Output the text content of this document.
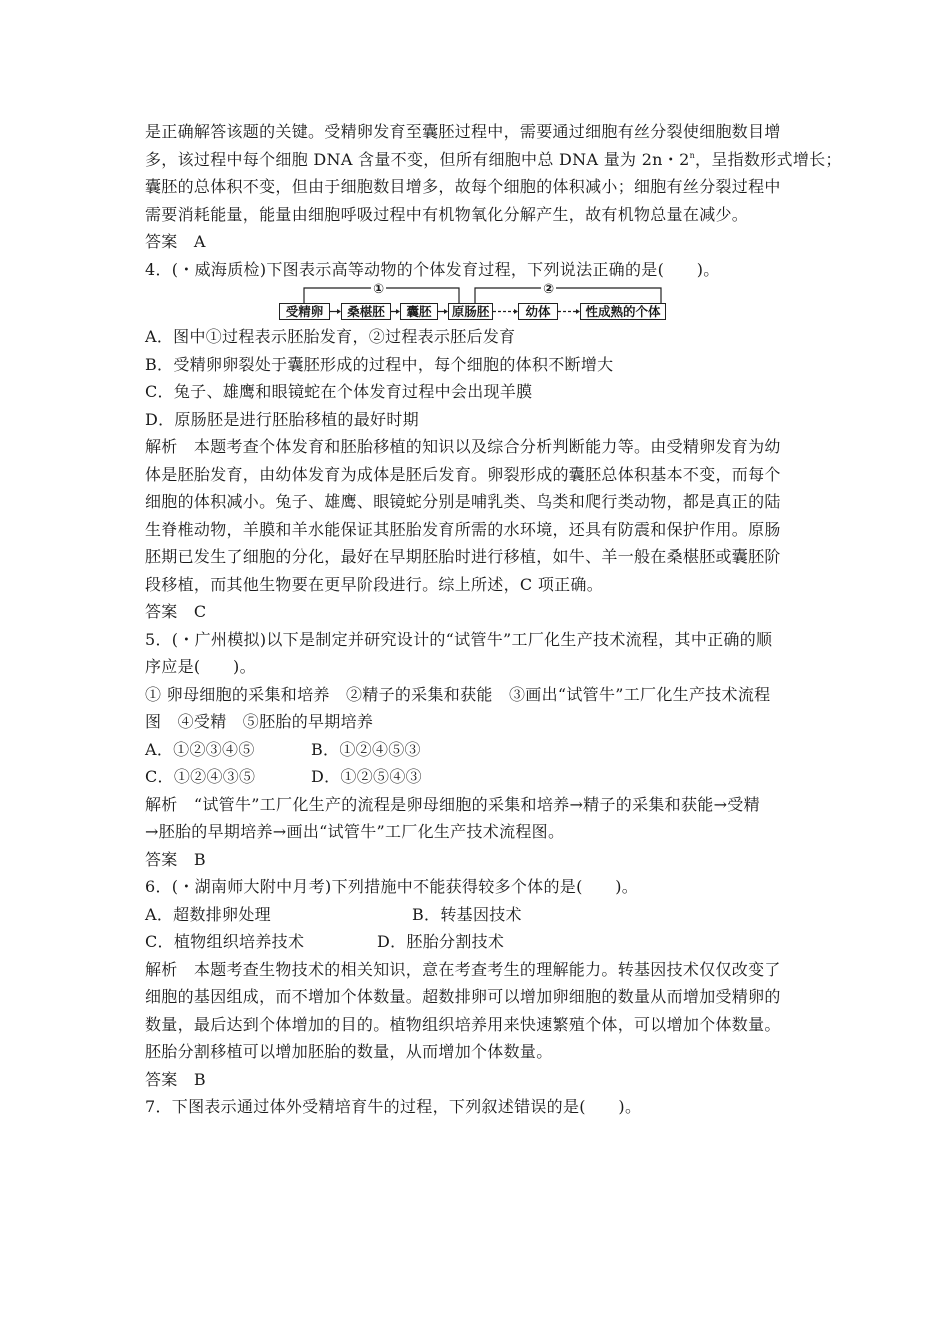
是正确解答该题的关键。受精卵发育至囊胚过程中，需要通过细胞有丝分裂使细胞数目增
多，该过程中每个细胞 DNA 含量不变，但所有细胞中总 DNA 量为 2n・2$^n$，呈指数形式增长；
囊胚的总体积不变，但由于细胞数目增多，故每个细胞的体积减小；细胞有丝分裂过程中
需要消耗能量，能量由细胞呼吸过程中有机物氧化分解产生，故有机物总量在减少。
答案　A
4．(・威海质检)下图表示高等动物的个体发育过程，下列说法正确的是(　　)。
①	②
受精卵	桑椹胚	囊胚	原肠胚	幼体	性成熟的个体
A．图中①过程表示胚胎发育，②过程表示胚后发育
B．受精卵卵裂处于囊胚形成的过程中，每个细胞的体积不断增大
C．兔子、雄鹰和眼镜蛇在个体发育过程中会出现羊膜
D．原肠胚是进行胚胎移植的最好时期
解析　本题考查个体发育和胚胎移植的知识以及综合分析判断能力等。由受精卵发育为幼
体是胚胎发育，由幼体发育为成体是胚后发育。卵裂形成的囊胚总体积基本不变，而每个
细胞的体积减小。兔子、雄鹰、眼镜蛇分别是哺乳类、鸟类和爬行类动物，都是真正的陆
生脊椎动物，羊膜和羊水能保证其胚胎发育所需的水环境，还具有防震和保护作用。原肠
胚期已发生了细胞的分化，最好在早期胚胎时进行移植，如牛、羊一般在桑椹胚或囊胚阶
段移植，而其他生物要在更早阶段进行。综上所述，C 项正确。
答案　C
5．(・广州模拟)以下是制定并研究设计的“试管牛”工厂化生产技术流程，其中正确的顺
序应是(　　)。
① 卵母细胞的采集和培养　②精子的采集和获能　③画出“试管牛”工厂化生产技术流程
图　④受精　⑤胚胎的早期培养
A．①②③④⑤	B．①②④⑤③
C．①②④③⑤	D．①②⑤④③
解析　“试管牛”工厂化生产的流程是卵母细胞的采集和培养→精子的采集和获能→受精
→胚胎的早期培养→画出“试管牛”工厂化生产技术流程图。
答案　B
6．(・湖南师大附中月考)下列措施中不能获得较多个体的是(　　)。
A．超数排卵处理	B．转基因技术
C．植物组织培养技术	D．胚胎分割技术
解析　本题考查生物技术的相关知识，意在考查考生的理解能力。转基因技术仅仅改变了
细胞的基因组成，而不增加个体数量。超数排卵可以增加卵细胞的数量从而增加受精卵的
数量，最后达到个体增加的目的。植物组织培养用来快速繁殖个体，可以增加个体数量。
胚胎分割移植可以增加胚胎的数量，从而增加个体数量。
答案　B
7．下图表示通过体外受精培育牛的过程，下列叙述错误的是(　　)。
